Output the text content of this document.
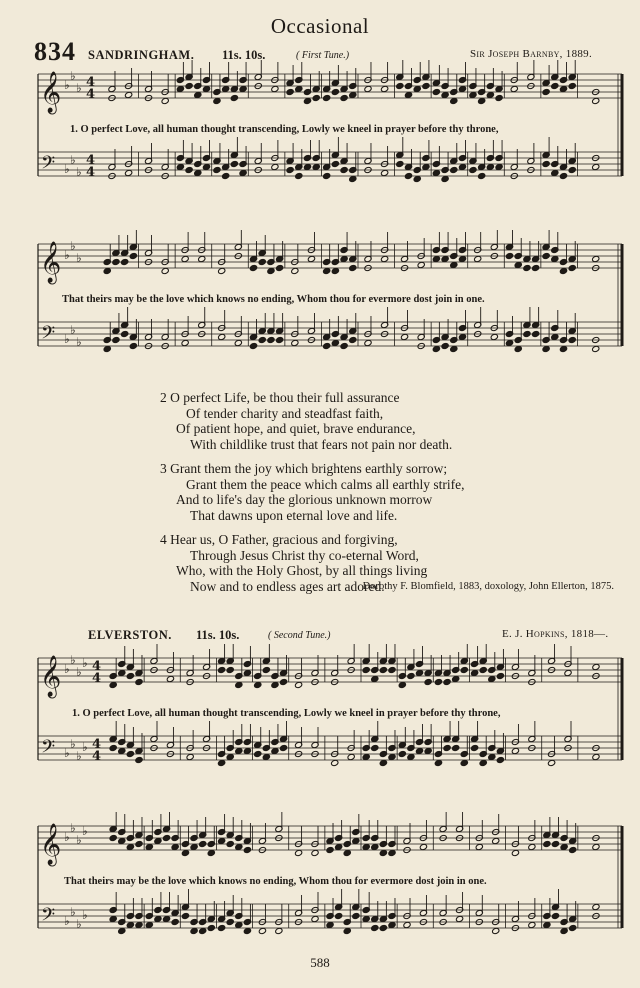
Occasional
834 SANDRINGHAM. 11s. 10s.	( First Tune.)	Sir Joseph Barnby, 1889.
𝄞
𝄢
♭
♭
♭
♭
♭
♭
4
4
4
4
1. O perfect Love, all human thought transcending, Lowly we kneel in prayer before thy throne,
𝄞
𝄢
♭
♭
♭
♭
♭
♭
That theirs may be the love which knows no ending, Whom thou for evermore dost join in one.
2 O perfect Life, be thou their full assurance
Of tender charity and steadfast faith,
Of patient hope, and quiet, brave endurance,
With childlike trust that fears not pain nor death.
3 Grant them the joy which brightens earthly sorrow;
Grant them the peace which calms all earthly strife,
And to life's day the glorious unknown morrow
That dawns upon eternal love and life.
4 Hear us, O Father, gracious and forgiving,
Through Jesus Christ thy co-eternal Word,
Who, with the Holy Ghost, by all things living
Now and to endless ages art adored.
Dorothy F. Blomfield, 1883, doxology, John Ellerton, 1875.
ELVERSTON. 11s. 10s.	( Second Tune.)	E. J. Hopkins, 1818—.
𝄞
𝄢
♭
♭
♭
♭
♭
♭
♭
♭
4
4
4
4
1. O perfect Love, all human thought transcending, Lowly we kneel in prayer before thy throne,
𝄞
𝄢
♭
♭
♭
♭
♭
♭
♭
♭
That theirs may be the love which knows no ending, Whom thou for evermore dost join in one.
588
